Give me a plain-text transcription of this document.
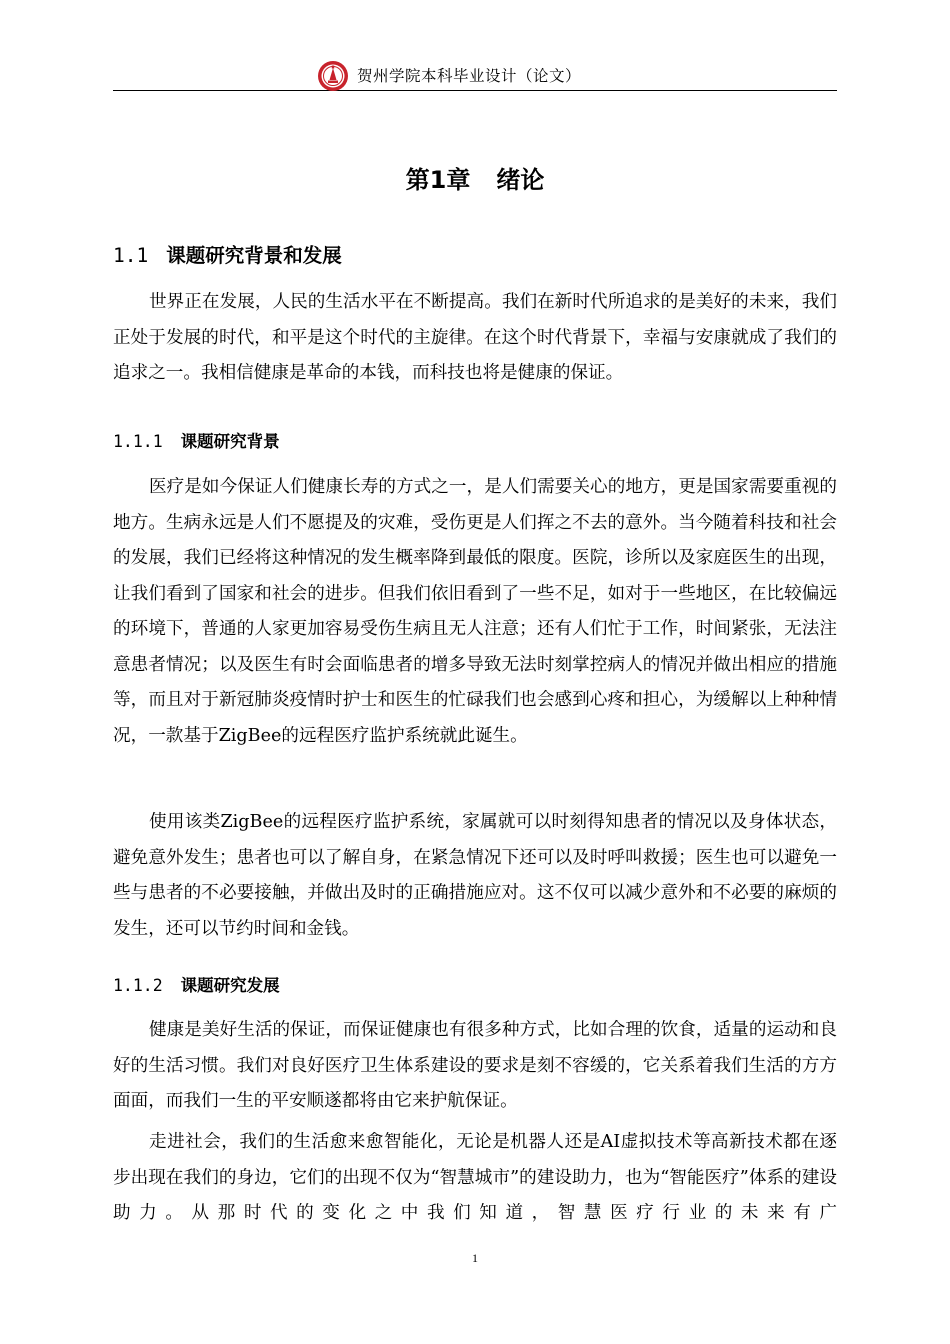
贺州学院本科毕业设计（论文）
第1章 绪论
1.1 课题研究背景和发展

世界正在发展，人民的生活水平在不断提高。我们在新时代所追求的是美好的未来，我们正处于发展的时代，和平是这个时代的主旋律。在这个时代背景下，幸福与安康就成了我们的追求之一。我相信健康是革命的本钱，而科技也将是健康的保证。

1.1.1 课题研究背景

医疗是如今保证人们健康长寿的方式之一，是人们需要关心的地方，更是国家需要重视的地方。生病永远是人们不愿提及的灾难，受伤更是人们挥之不去的意外。当今随着科技和社会的发展，我们已经将这种情况的发生概率降到最低的限度。医院，诊所以及家庭医生的出现，让我们看到了国家和社会的进步。但我们依旧看到了一些不足，如对于一些地区，在比较偏远的环境下，普通的人家更加容易受伤生病且无人注意；还有人们忙于工作，时间紧张，无法注意患者情况；以及医生有时会面临患者的增多导致无法时刻掌控病人的情况并做出相应的措施等，而且对于新冠肺炎疫情时护士和医生的忙碌我们也会感到心疼和担心，为缓解以上种种情况，一款基于ZigBee的远程医疗监护系统就此诞生。

使用该类ZigBee的远程医疗监护系统，家属就可以时刻得知患者的情况以及身体状态，避免意外发生；患者也可以了解自身，在紧急情况下还可以及时呼叫救援；医生也可以避免一些与患者的不必要接触，并做出及时的正确措施应对。这不仅可以减少意外和不必要的麻烦的发生，还可以节约时间和金钱。

1.1.2 课题研究发展

健康是美好生活的保证，而保证健康也有很多种方式，比如合理的饮食，适量的运动和良好的生活习惯。我们对良好医疗卫生体系建设的要求是刻不容缓的，它关系着我们生活的方方面面，而我们一生的平安顺遂都将由它来护航保证。

走进社会，我们的生活愈来愈智能化，无论是机器人还是AI虚拟技术等高新技术都在逐步出现在我们的身边，它们的出现不仅为“智慧城市”的建设助力，也为“智能医疗”体系的建设助力。从那时代的变化之中我们知道，智慧医疗行业的未来有广

1
